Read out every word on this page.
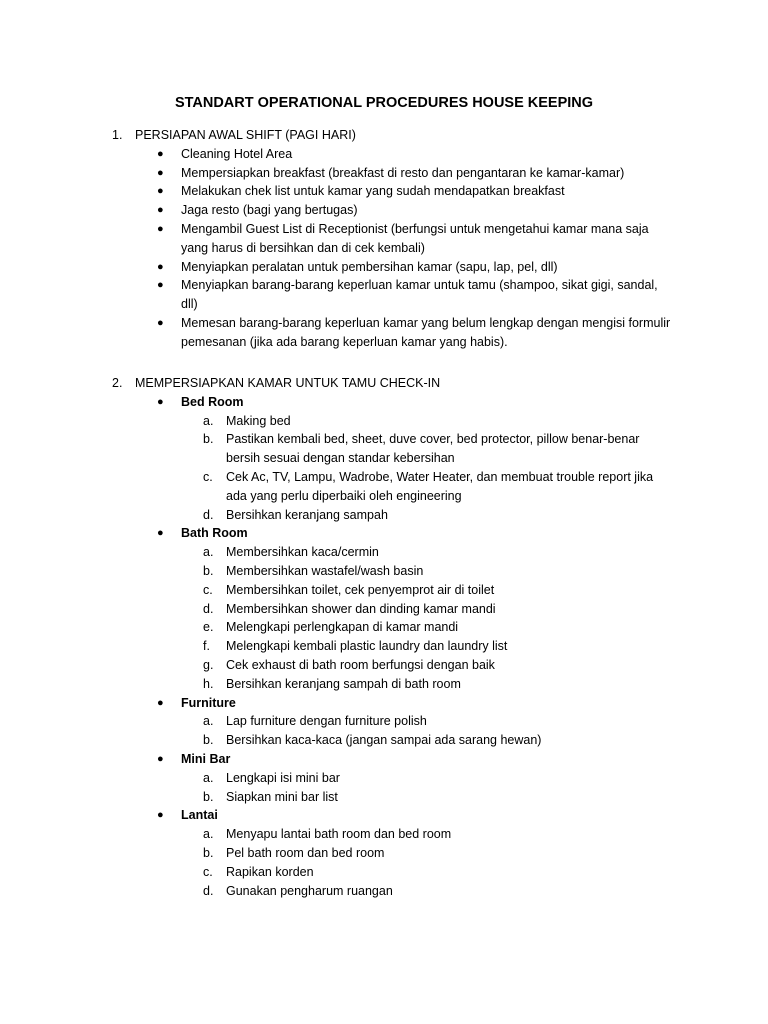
STANDART OPERATIONAL PROCEDURES HOUSE KEEPING
1. PERSIAPAN AWAL SHIFT (PAGI HARI)
● Cleaning Hotel Area
● Mempersiapkan breakfast (breakfast di resto dan pengantaran ke kamar-kamar)
● Melakukan chek list untuk kamar yang sudah mendapatkan breakfast
● Jaga resto (bagi yang bertugas)
● Mengambil Guest List di Receptionist (berfungsi untuk mengetahui kamar mana saja
yang harus di bersihkan dan di cek kembali)
● Menyiapkan peralatan untuk pembersihan kamar (sapu, lap, pel, dll)
● Menyiapkan barang-barang keperluan kamar untuk tamu (shampoo, sikat gigi, sandal,
dll)
● Memesan barang-barang keperluan kamar yang belum lengkap dengan mengisi formulir
pemesanan (jika ada barang keperluan kamar yang habis).
2. MEMPERSIAPKAN KAMAR UNTUK TAMU CHECK-IN
● Bed Room
a. Making bed
b. Pastikan kembali bed, sheet, duve cover, bed protector, pillow benar-benar
bersih sesuai dengan standar kebersihan
c. Cek Ac, TV, Lampu, Wadrobe, Water Heater, dan membuat trouble report jika
ada yang perlu diperbaiki oleh engineering
d. Bersihkan keranjang sampah
● Bath Room
a. Membersihkan kaca/cermin
b. Membersihkan wastafel/wash basin
c. Membersihkan toilet, cek penyemprot air di toilet
d. Membersihkan shower dan dinding kamar mandi
e. Melengkapi perlengkapan di kamar mandi
f. Melengkapi kembali plastic laundry dan laundry list
g. Cek exhaust di bath room berfungsi dengan baik
h. Bersihkan keranjang sampah di bath room
● Furniture
a. Lap furniture dengan furniture polish
b. Bersihkan kaca-kaca (jangan sampai ada sarang hewan)
● Mini Bar
a. Lengkapi isi mini bar
b. Siapkan mini bar list
● Lantai
a. Menyapu lantai bath room dan bed room
b. Pel bath room dan bed room
c. Rapikan korden
d. Gunakan pengharum ruangan
